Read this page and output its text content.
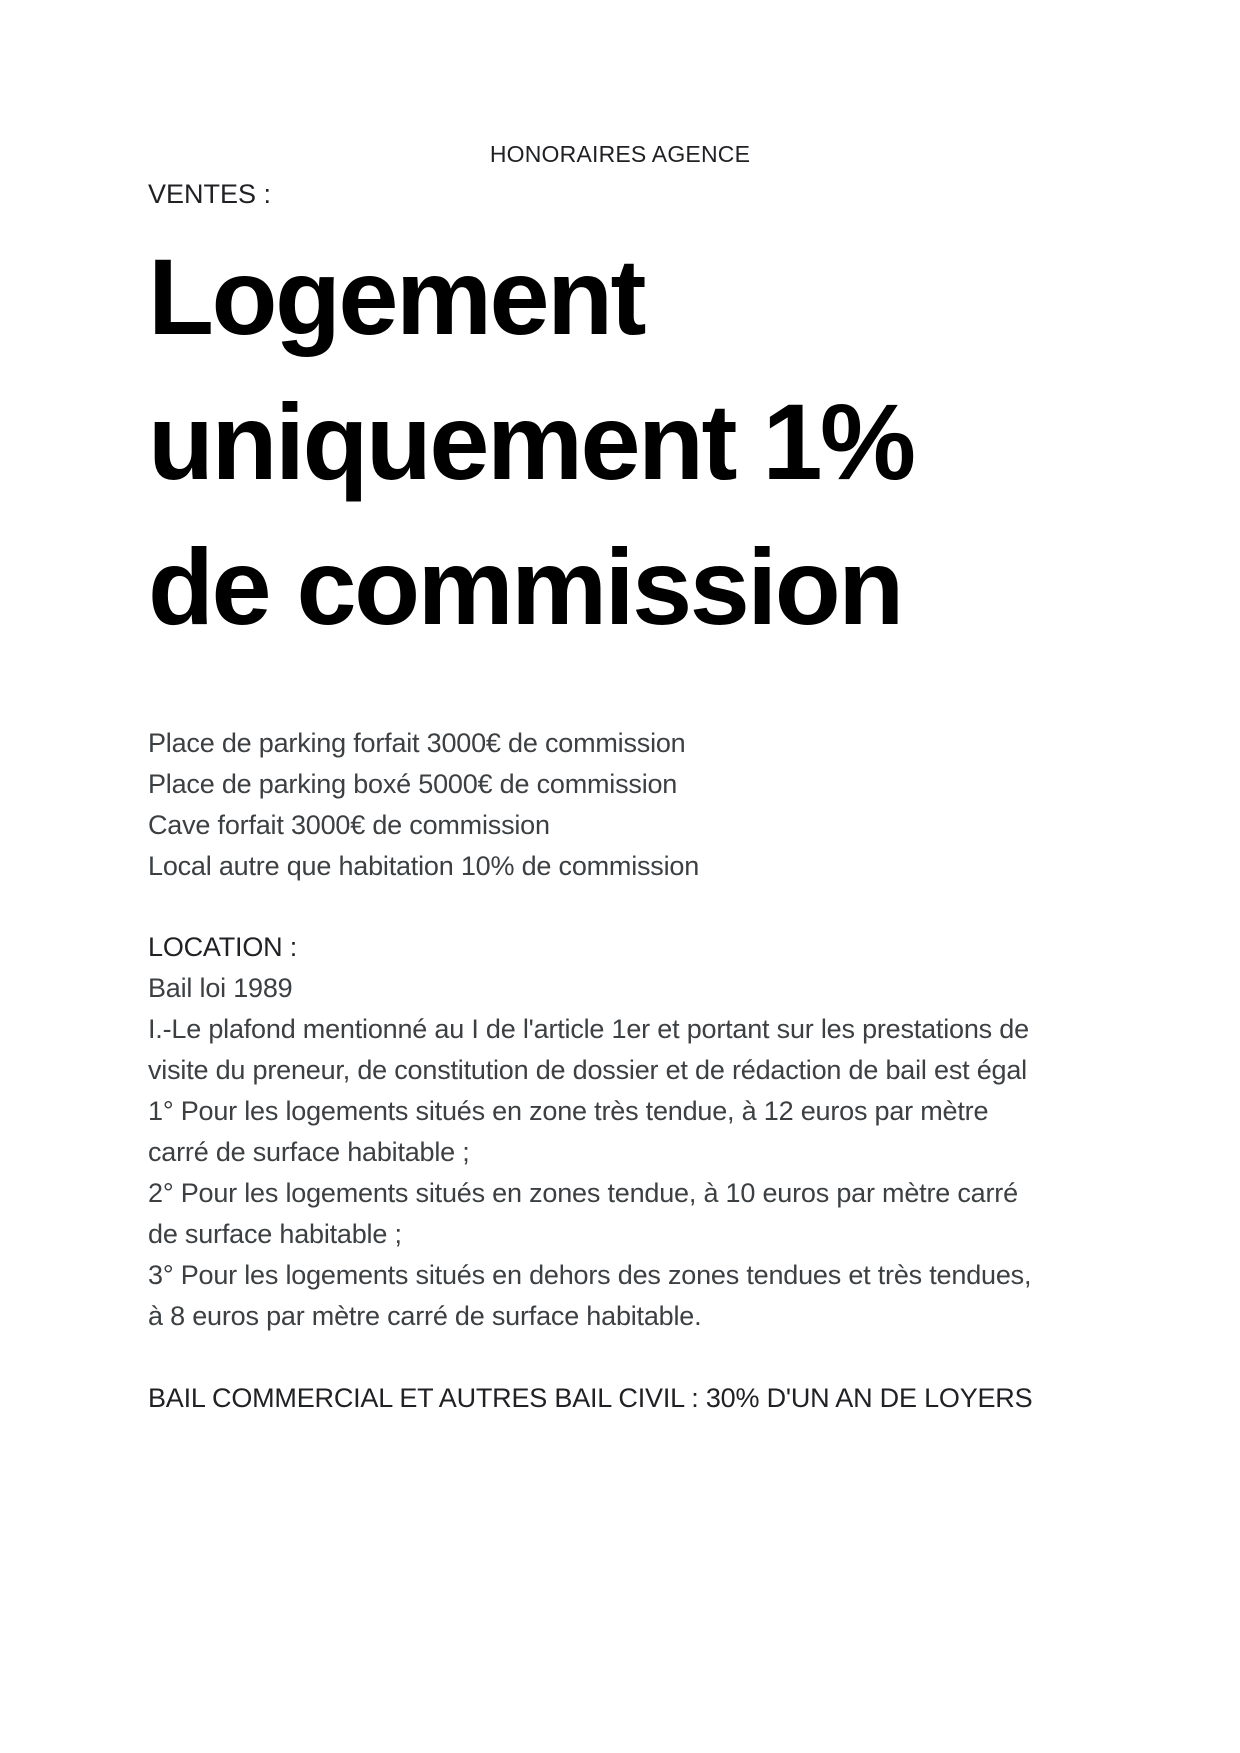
HONORAIRES AGENCE
VENTES :
Logement
uniquement 1%
de commission
Place de parking forfait 3000€ de commission
Place de parking boxé 5000€ de commission
Cave forfait 3000€ de commission
Local autre que habitation 10% de commission
LOCATION :
Bail loi 1989
I.-Le plafond mentionné au I de l'article 1er et portant sur les prestations de
visite du preneur, de constitution de dossier et de rédaction de bail est égal
1° Pour les logements situés en zone très tendue, à 12 euros par mètre
carré de surface habitable ;
2° Pour les logements situés en zones tendue, à 10 euros par mètre carré
de surface habitable ;
3° Pour les logements situés en dehors des zones tendues et très tendues,
à 8 euros par mètre carré de surface habitable.
BAIL COMMERCIAL ET AUTRES BAIL CIVIL : 30% D'UN AN DE LOYERS
